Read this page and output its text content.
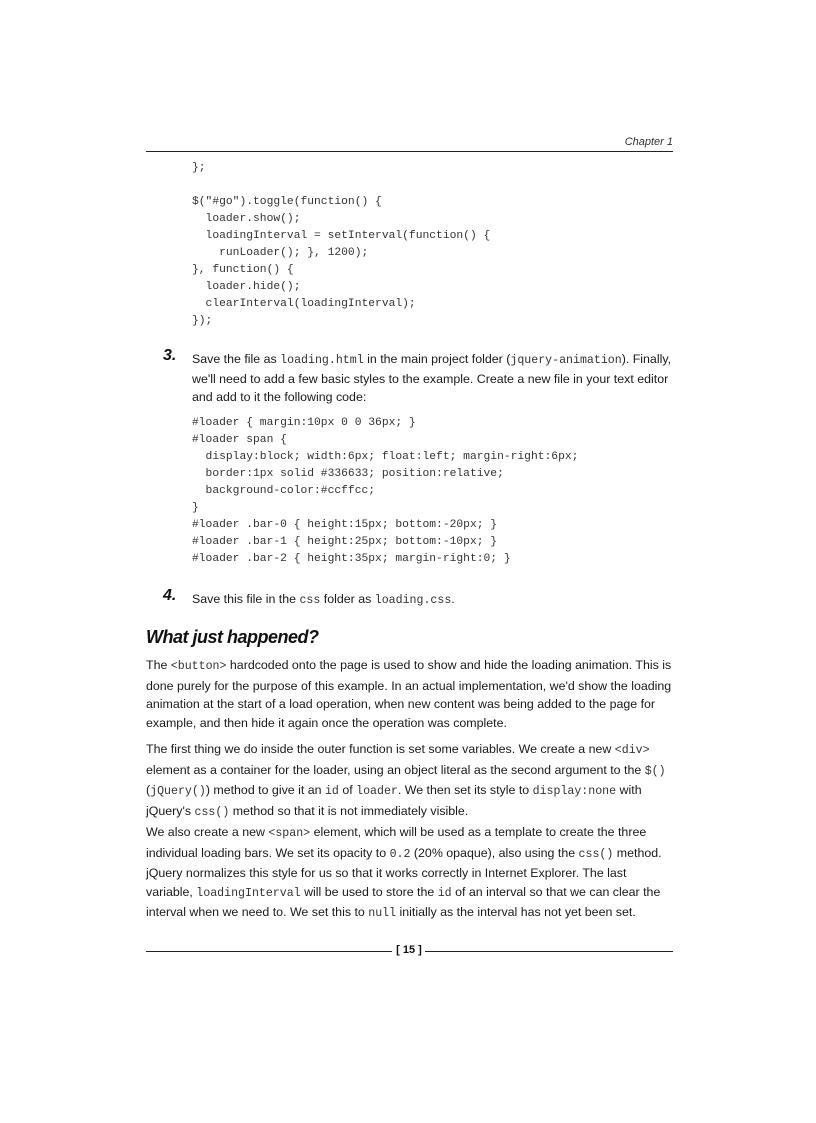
Chapter 1
};

$("#go").toggle(function() {
loader.show();
loadingInterval = setInterval(function() {
runLoader(); }, 1200);
}, function() {
loader.hide();
clearInterval(loadingInterval);
});
3. Save the file as loading.html in the main project folder (jquery-animation). Finally, we'll need to add a few basic styles to the example. Create a new file in your text editor and add to it the following code:
#loader { margin:10px 0 0 36px; }
#loader span {
display:block; width:6px; float:left; margin-right:6px;
border:1px solid #336633; position:relative;
background-color:#ccffcc;
}
#loader .bar-0 { height:15px; bottom:-20px; }
#loader .bar-1 { height:25px; bottom:-10px; }
#loader .bar-2 { height:35px; margin-right:0; }
4. Save this file in the css folder as loading.css.
What just happened?

The <button> hardcoded onto the page is used to show and hide the loading animation. This is done purely for the purpose of this example. In an actual implementation, we'd show the loading animation at the start of a load operation, when new content was being added to the page for example, and then hide it again once the operation was complete.

The first thing we do inside the outer function is set some variables. We create a new <div> element as a container for the loader, using an object literal as the second argument to the $() (jQuery()) method to give it an id of loader. We then set its style to display:none with jQuery's css() method so that it is not immediately visible.

We also create a new <span> element, which will be used as a template to create the three individual loading bars. We set its opacity to 0.2 (20% opaque), also using the css() method. jQuery normalizes this style for us so that it works correctly in Internet Explorer. The last variable, loadingInterval will be used to store the id of an interval so that we can clear the interval when we need to. We set this to null initially as the interval has not yet been set.

[ 15 ]
